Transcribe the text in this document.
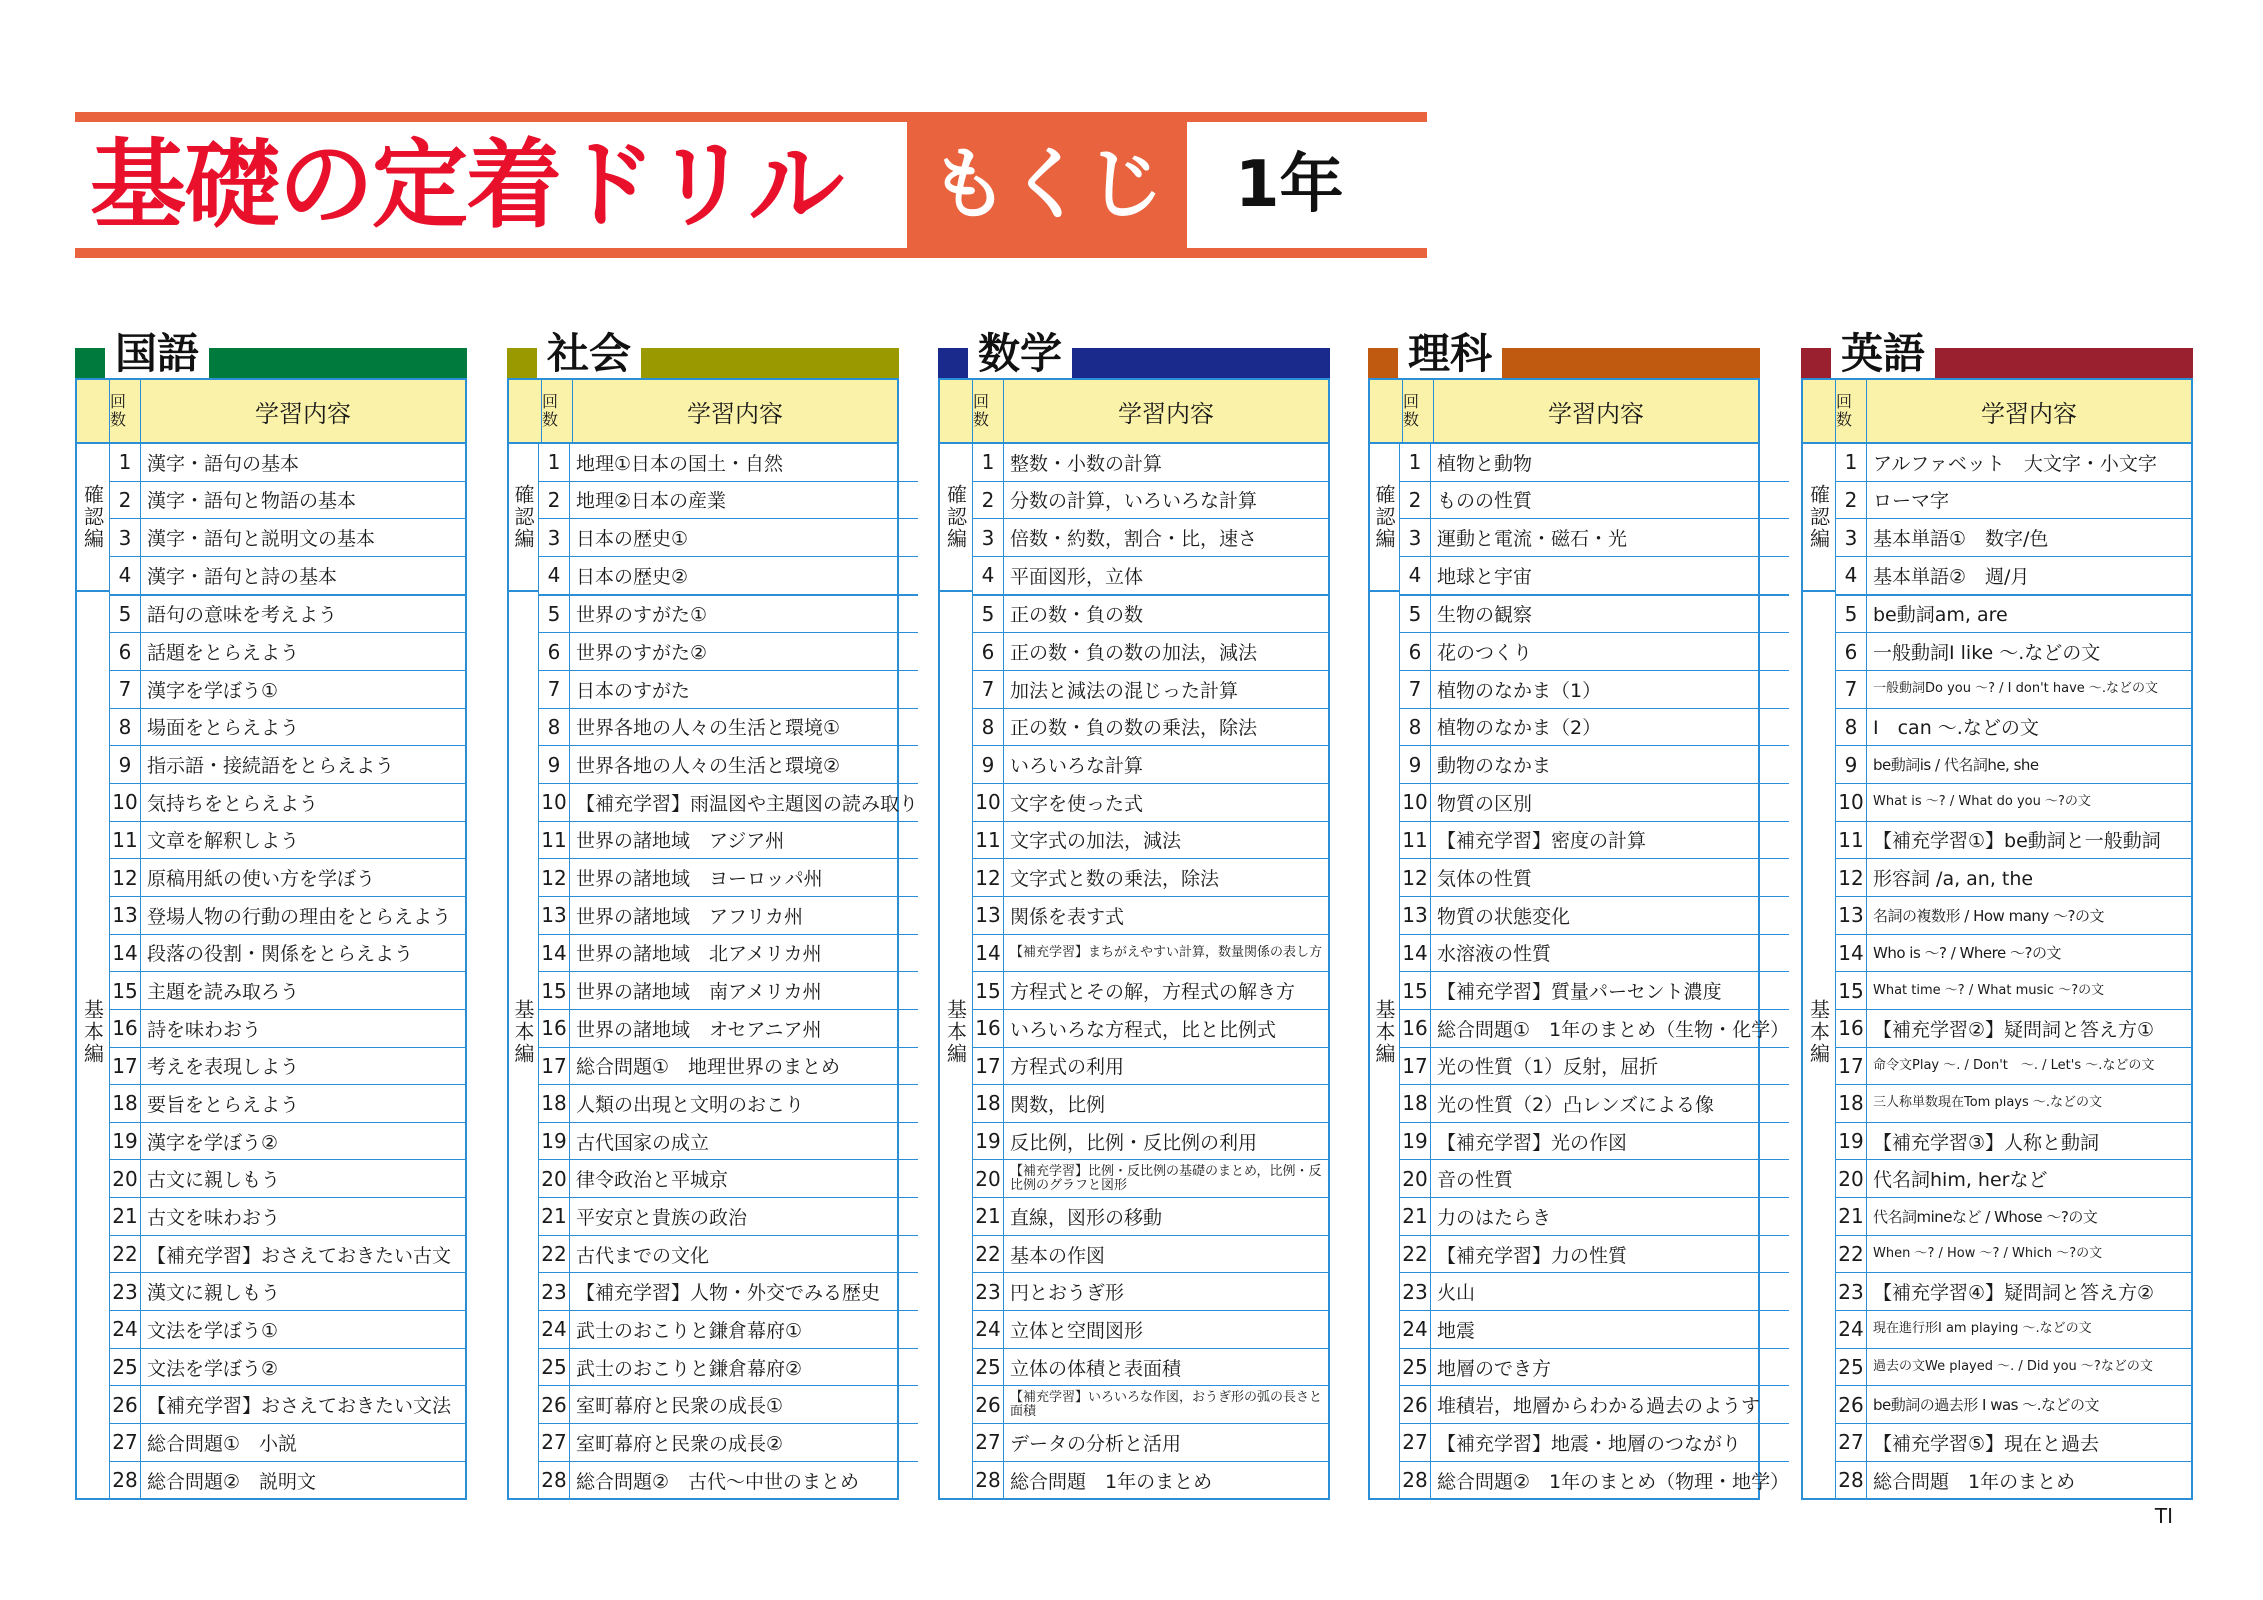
基礎の定着ドリル もくじ	1年
国語
回数	学習内容
確認編
基本編
1 漢字・語句の基本
2 漢字・語句と物語の基本
3 漢字・語句と説明文の基本
4 漢字・語句と詩の基本
5 語句の意味を考えよう
6 話題をとらえよう
7 漢字を学ぼう①
8 場面をとらえよう
9 指示語・接続語をとらえよう
10 気持ちをとらえよう
11 文章を解釈しよう
12 原稿用紙の使い方を学ぼう
13 登場人物の行動の理由をとらえよう
14 段落の役割・関係をとらえよう
15 主題を読み取ろう
16 詩を味わおう
17 考えを表現しよう
18 要旨をとらえよう
19 漢字を学ぼう②
20 古文に親しもう
21 古文を味わおう
22 【補充学習】おさえておきたい古文
23 漢文に親しもう
24 文法を学ぼう①
25 文法を学ぼう②
26 【補充学習】おさえておきたい文法
27 総合問題①　小説
28 総合問題②　説明文
社会
回数	学習内容
確認編
基本編
1 地理①日本の国土・自然
2 地理②日本の産業
3 日本の歴史①
4 日本の歴史②
5 世界のすがた①
6 世界のすがた②
7 日本のすがた
8 世界各地の人々の生活と環境①
9 世界各地の人々の生活と環境②
10 【補充学習】雨温図や主題図の読み取り
11 世界の諸地域　アジア州
12 世界の諸地域　ヨーロッパ州
13 世界の諸地域　アフリカ州
14 世界の諸地域　北アメリカ州
15 世界の諸地域　南アメリカ州
16 世界の諸地域　オセアニア州
17 総合問題①　地理世界のまとめ
18 人類の出現と文明のおこり
19 古代国家の成立
20 律令政治と平城京
21 平安京と貴族の政治
22 古代までの文化
23 【補充学習】人物・外交でみる歴史
24 武士のおこりと鎌倉幕府①
25 武士のおこりと鎌倉幕府②
26 室町幕府と民衆の成長①
27 室町幕府と民衆の成長②
28 総合問題②　古代～中世のまとめ
数学
回数	学習内容
確認編
基本編
1 整数・小数の計算
2 分数の計算，いろいろな計算
3 倍数・約数，割合・比，速さ
4 平面図形，立体
5 正の数・負の数
6 正の数・負の数の加法，減法
7 加法と減法の混じった計算
8 正の数・負の数の乗法，除法
9 いろいろな計算
10 文字を使った式
11 文字式の加法，減法
12 文字式と数の乗法，除法
13 関係を表す式
14 【補充学習】まちがえやすい計算，数量関係の表し方
15 方程式とその解，方程式の解き方
16 いろいろな方程式，比と比例式
17 方程式の利用
18 関数，比例
19 反比例，比例・反比例の利用
20 【補充学習】比例・反比例の基礎のまとめ，比例・反比例のグラフと図形
21 直線，図形の移動
22 基本の作図
23 円とおうぎ形
24 立体と空間図形
25 立体の体積と表面積
26 【補充学習】いろいろな作図，おうぎ形の弧の長さと面積
27 データの分析と活用
28 総合問題　1年のまとめ
理科
回数	学習内容
確認編
基本編
1 植物と動物
2 ものの性質
3 運動と電流・磁石・光
4 地球と宇宙
5 生物の観察
6 花のつくり
7 植物のなかま（1）
8 植物のなかま（2）
9 動物のなかま
10 物質の区別
11 【補充学習】密度の計算
12 気体の性質
13 物質の状態変化
14 水溶液の性質
15 【補充学習】質量パーセント濃度
16 総合問題①　1年のまとめ（生物・化学）
17 光の性質（1）反射，屈折
18 光の性質（2）凸レンズによる像
19 【補充学習】光の作図
20 音の性質
21 力のはたらき
22 【補充学習】力の性質
23 火山
24 地震
25 地層のでき方
26 堆積岩，地層からわかる過去のようす
27 【補充学習】地震・地層のつながり
28 総合問題②　1年のまとめ（物理・地学）
英語
回数	学習内容
確認編
基本編
1 アルファベット　大文字・小文字
2 ローマ字
3 基本単語①　数字/色
4 基本単語②　週/月
5 be動詞am, are
6 一般動詞I like ～.などの文
7	一般動詞Do you ～? / I don't have ～.などの文
8 I　can ～.などの文
9	be動詞is / 代名詞he, she
10 What is ～? / What do you ～?の文
11 【補充学習①】be動詞と一般動詞
12 形容詞 /a, an, the
13 名詞の複数形 / How many ～?の文
14 Who is ～? / Where ～?の文
15 What time ～? / What music ～?の文
16 【補充学習②】疑問詞と答え方①
17 命令文Play ～. / Don't　～. / Let's ～.などの文
18 三人称単数現在Tom plays ～.などの文
19 【補充学習③】人称と動詞
20 代名詞him, herなど
21 代名詞mineなど / Whose ～?の文
22 When ～? / How ～? / Which ～?の文
23 【補充学習④】疑問詞と答え方②
24 現在進行形I am playing ～.などの文
25 過去の文We played ～. / Did you ～?などの文
26 be動詞の過去形 I was ～.などの文
27 【補充学習⑤】現在と過去
28 総合問題　1年のまとめ
TI
